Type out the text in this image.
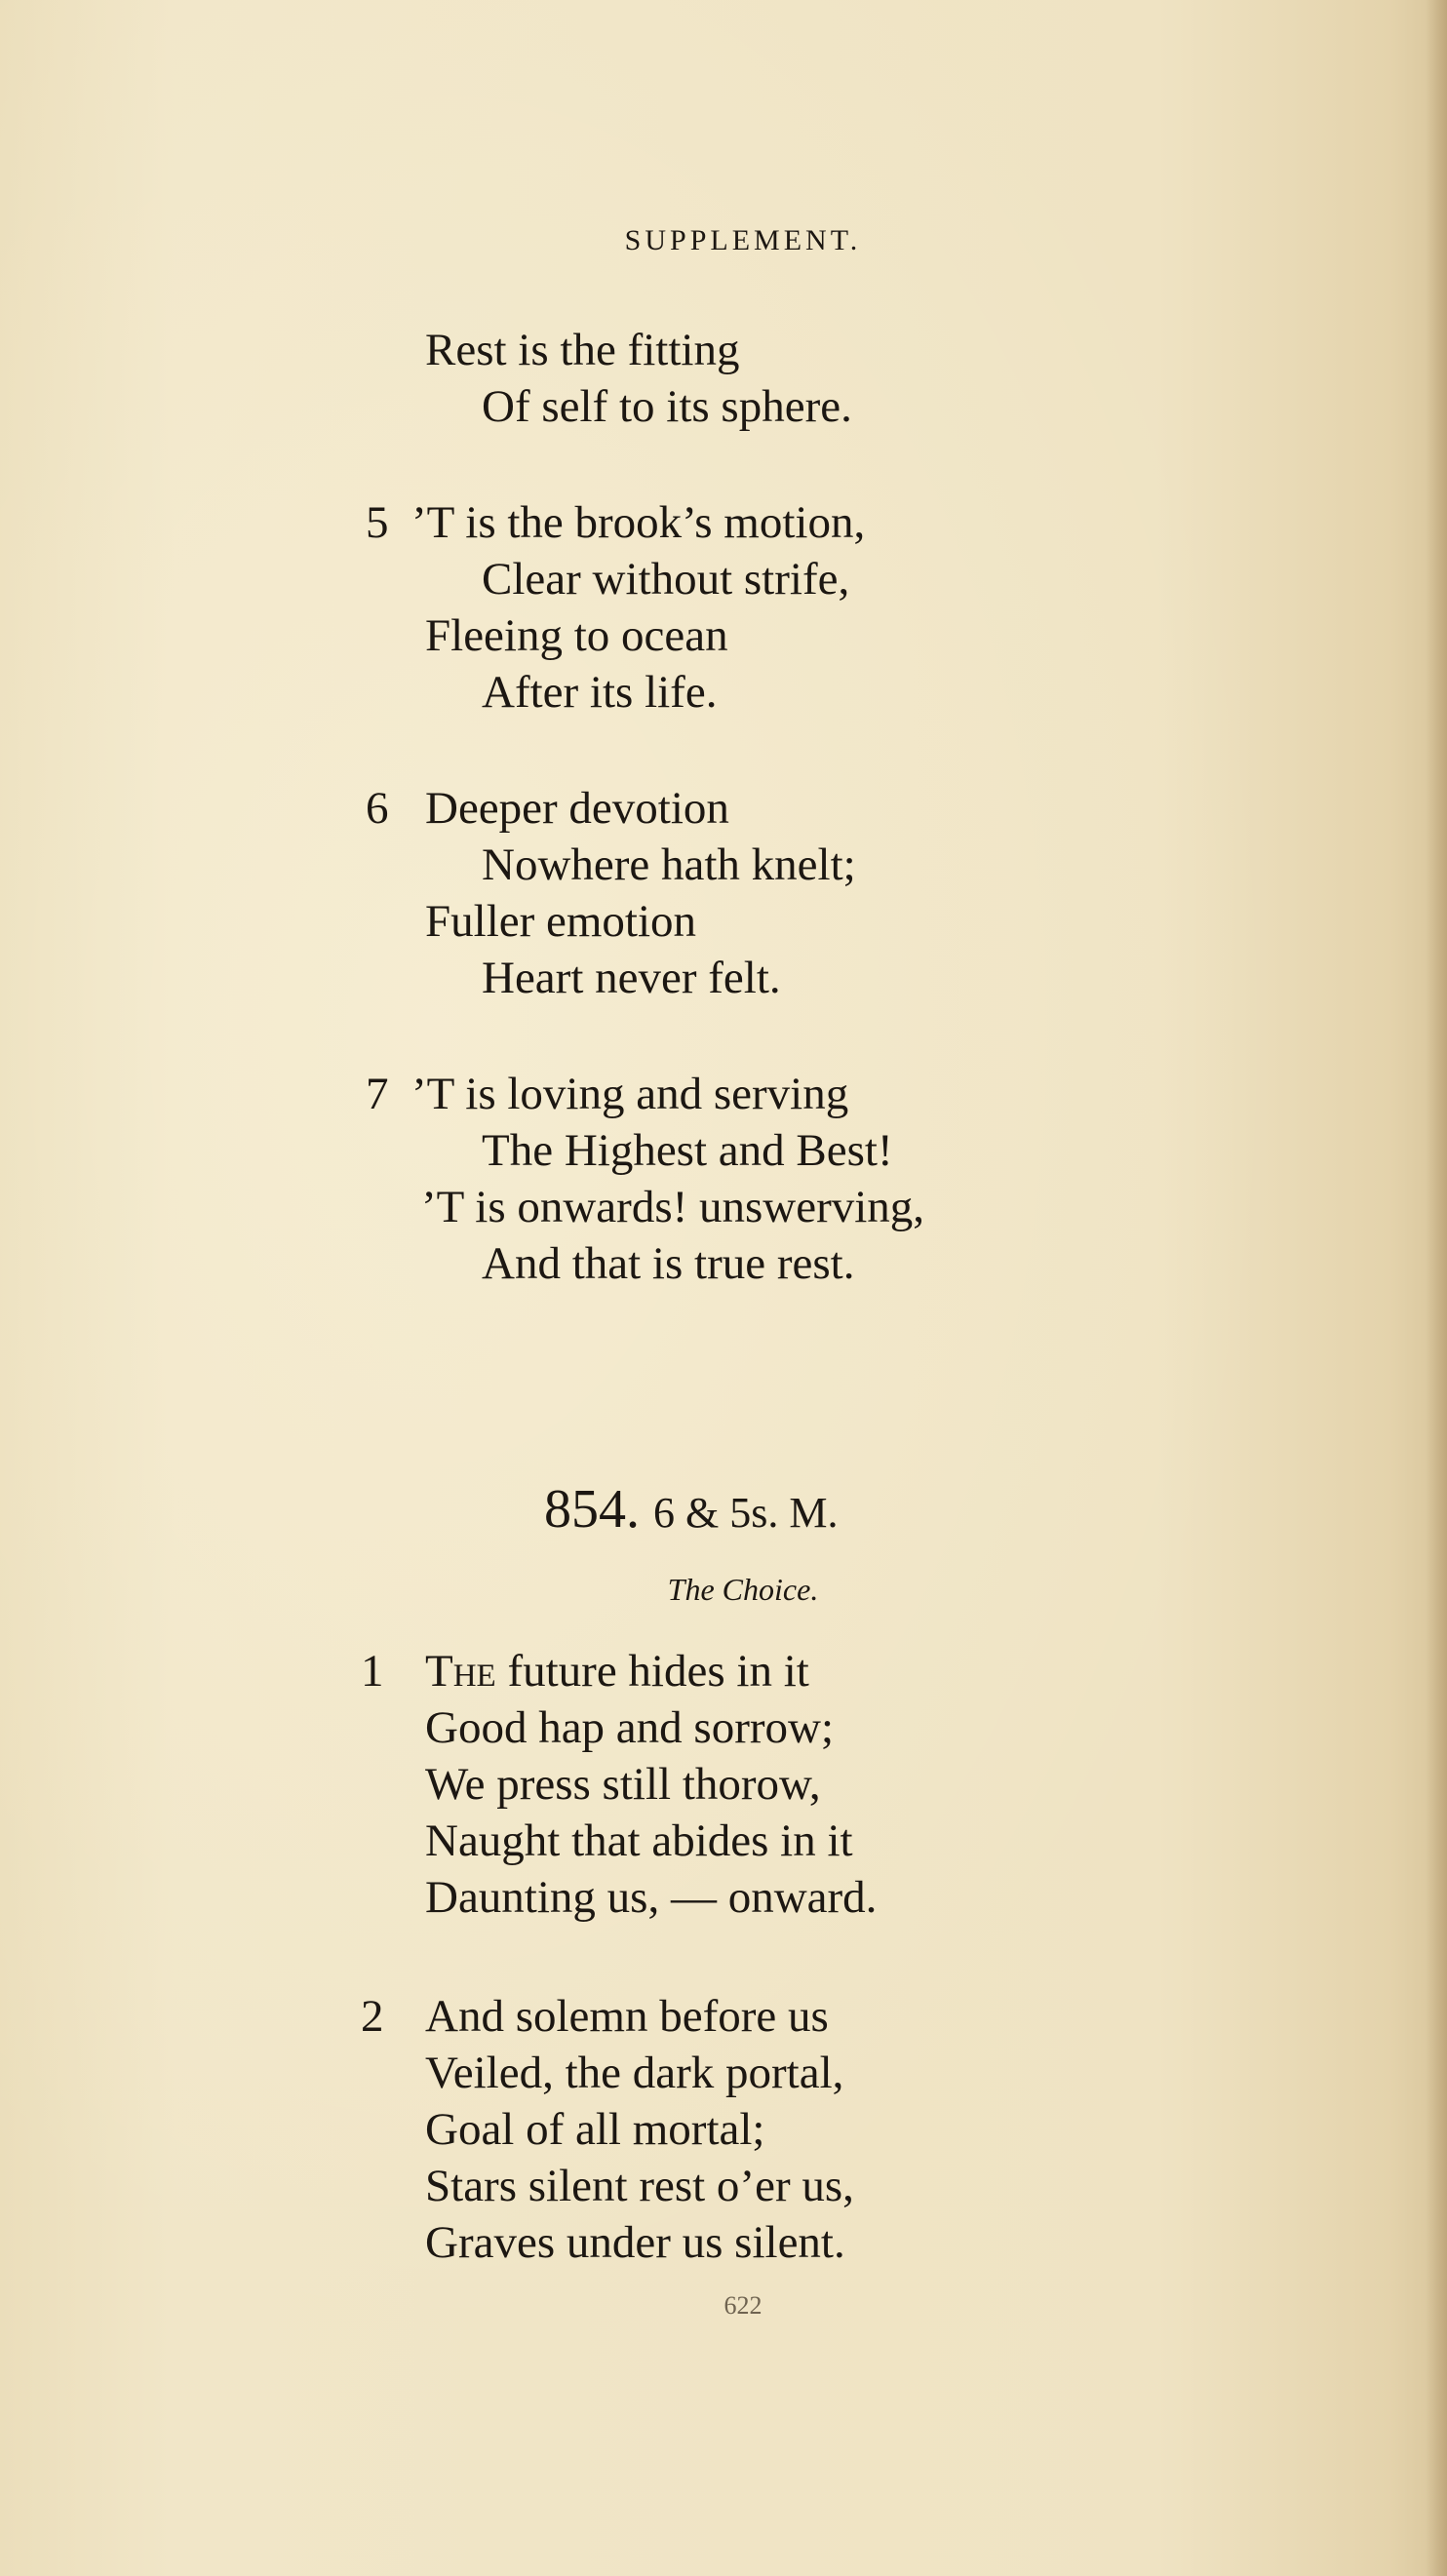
SUPPLEMENT.
Rest is the fitting
Of self to its sphere.
5 ’T is the brook’s motion,
Clear without strife,
Fleeing to ocean
After its life.
6 Deeper devotion
Nowhere hath knelt;
Fuller emotion
Heart never felt.
7 ’T is loving and serving
The Highest and Best!
’T is onwards! unswerving,
And that is true rest.
854. 6 & 5s. M.
The Choice.
1 The future hides in it
Good hap and sorrow;
We press still thorow,
Naught that abides in it
Daunting us, — onward.
2 And solemn before us
Veiled, the dark portal,
Goal of all mortal;
Stars silent rest o’er us,
Graves under us silent.
622
